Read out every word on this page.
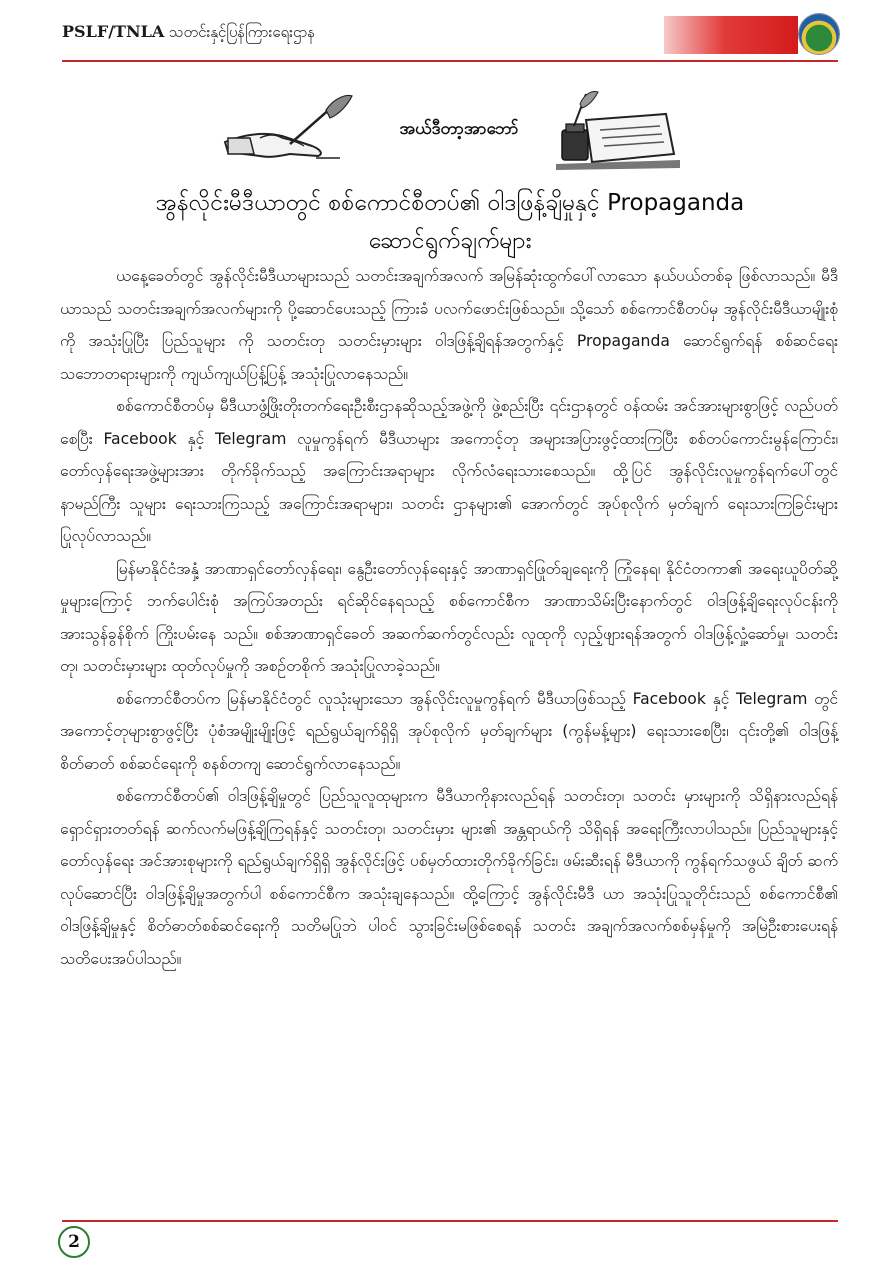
PSLF/TNLA သတင်းနှင့်ပြန်ကြားရေးဌာန
အယ်ဒီတာ့အာဘော်
အွန်လိုင်းမီဒီယာတွင် စစ်ကောင်စီတပ်၏ ဝါဒဖြန့်ချိမှုနှင့် Propaganda
ဆောင်ရွက်ချက်များ

ယနေ့ခေတ်တွင် အွန်လိုင်းမီဒီယာများသည် သတင်းအချက်အလက် အမြန်ဆုံးထွက်ပေါ်လာသော နယ်ပယ်တစ်ခု ဖြစ်လာသည်။ မီဒီယာသည် သတင်းအချက်အလက်များကို ပို့ဆောင်ပေးသည့် ကြားခံ ပလက်ဖောင်းဖြစ်သည်။ သို့သော် စစ်ကောင်စီတပ်မှ အွန်လိုင်းမီဒီယာမျိုးစုံကို အသုံးပြုပြီး ပြည်သူများ ကို သတင်းတု သတင်းမှားများ ဝါဒဖြန့်ချိရန်အတွက်နှင့် Propaganda ဆောင်ရွက်ရန် စစ်ဆင်ရေး သဘောတရားများကို ကျယ်ကျယ်ပြန့်ပြန့် အသုံးပြုလာနေသည်။

စစ်ကောင်စီတပ်မှ မီဒီယာဖွံ့ဖြိုးတိုးတက်ရေးဦးစီးဌာနဆိုသည့်အဖွဲ့ကို ဖွဲ့စည်းပြီး ၎င်းဌာနတွင် ဝန်ထမ်း အင်အားများစွာဖြင့် လည်ပတ်စေပြီး Facebook နှင့် Telegram လူမှုကွန်ရက် မီဒီယာများ အကောင့်တု အများအပြားဖွင့်ထားကြပြီး စစ်တပ်ကောင်းမွန်ကြောင်း၊ တော်လှန်ရေးအဖွဲ့များအား တိုက်ခိုက်သည့် အကြောင်းအရာများ လိုက်လံရေးသားစေသည်။ ထို့ပြင် အွန်လိုင်းလူမှုကွန်ရက်ပေါ်တွင် နာမည်ကြီး သူများ ရေးသားကြသည့် အကြောင်းအရာများ၊ သတင်း ဌာနများ၏ အောက်တွင် အုပ်စုလိုက် မှတ်ချက် ရေးသားကြခြင်းများ ပြုလုပ်လာသည်။

မြန်မာနိုင်ငံအနှံ့ အာဏာရှင်တော်လှန်ရေး၊ နွေဦးတော်လှန်ရေးနှင့် အာဏာရှင်ဖြုတ်ချရေးကို ကြုံနေရ၊ နိုင်ငံတကာ၏ အရေးယူပိတ်ဆို့မှုများကြောင့် ဘက်ပေါင်းစုံ အကြပ်အတည်း ရင်ဆိုင်နေရသည့် စစ်ကောင်စီက အာဏာသိမ်းပြီးနောက်တွင် ဝါဒဖြန့်ချိရေးလုပ်ငန်းကို အားသွန်ခွန်စိုက် ကြိုးပမ်းနေ သည်။ စစ်အာဏာရှင်ခေတ် အဆက်ဆက်တွင်လည်း လူထုကို လှည့်ဖျားရန်အတွက် ဝါဒဖြန့်လှုံ့ဆော်မှု၊ သတင်းတု၊ သတင်းမှားများ ထုတ်လုပ်မှုကို အစဉ်တစိုက် အသုံးပြုလာခဲ့သည်။

စစ်ကောင်စီတပ်က မြန်မာနိုင်ငံတွင် လူသုံးများသော အွန်လိုင်းလူမှုကွန်ရက် မီဒီယာဖြစ်သည့် Facebook နှင့် Telegram တွင် အကောင့်တုများစွာဖွင့်ပြီး ပုံစံအမျိုးမျိုးဖြင့် ရည်ရွယ်ချက်ရှိရှိ အုပ်စုလိုက် မှတ်ချက်များ (ကွန်မန့်များ) ရေးသားစေပြီး၊ ၎င်းတို့၏ ဝါဒဖြန့်စိတ်ဓာတ် စစ်ဆင်ရေးကို စနစ်တကျ ဆောင်ရွက်လာနေသည်။

စစ်ကောင်စီတပ်၏ ဝါဒဖြန့်ချိမှုတွင် ပြည်သူလူထုများက မီဒီယာကိုနားလည်ရန် သတင်းတု၊ သတင်း မှားများကို သိရှိနားလည်ရန် ရှောင်ရှားတတ်ရန် ဆက်လက်မဖြန့်ချိကြရန်နှင့် သတင်းတု၊ သတင်းမှား များ၏ အန္တရာယ်ကို သိရှိရန် အရေးကြီးလာပါသည်။ ပြည်သူများနှင့် တော်လှန်ရေး အင်အားစုများကို ရည်ရွယ်ချက်ရှိရှိ အွန်လိုင်းဖြင့် ပစ်မှတ်ထားတိုက်ခိုက်ခြင်း၊ ဖမ်းဆီးရန် မီဒီယာကို ကွန်ရက်သဖွယ် ချိတ် ဆက်လုပ်ဆောင်ပြီး ဝါဒဖြန့်ချိမှုအတွက်ပါ စစ်ကောင်စီက အသုံးချနေသည်။ ထို့ကြောင့် အွန်လိုင်းမီဒီ ယာ အသုံးပြုသူတိုင်းသည် စစ်ကောင်စီ၏ ဝါဒဖြန့်ချိမှုနှင့် စိတ်ဓာတ်စစ်ဆင်ရေးကို သတိမပြုဘဲ ပါဝင် သွားခြင်းမဖြစ်စေရန် သတင်း အချက်အလက်စစ်မှန်မှုကို အမြဲဦးစားပေးရန် သတိပေးအပ်ပါသည်။

2
